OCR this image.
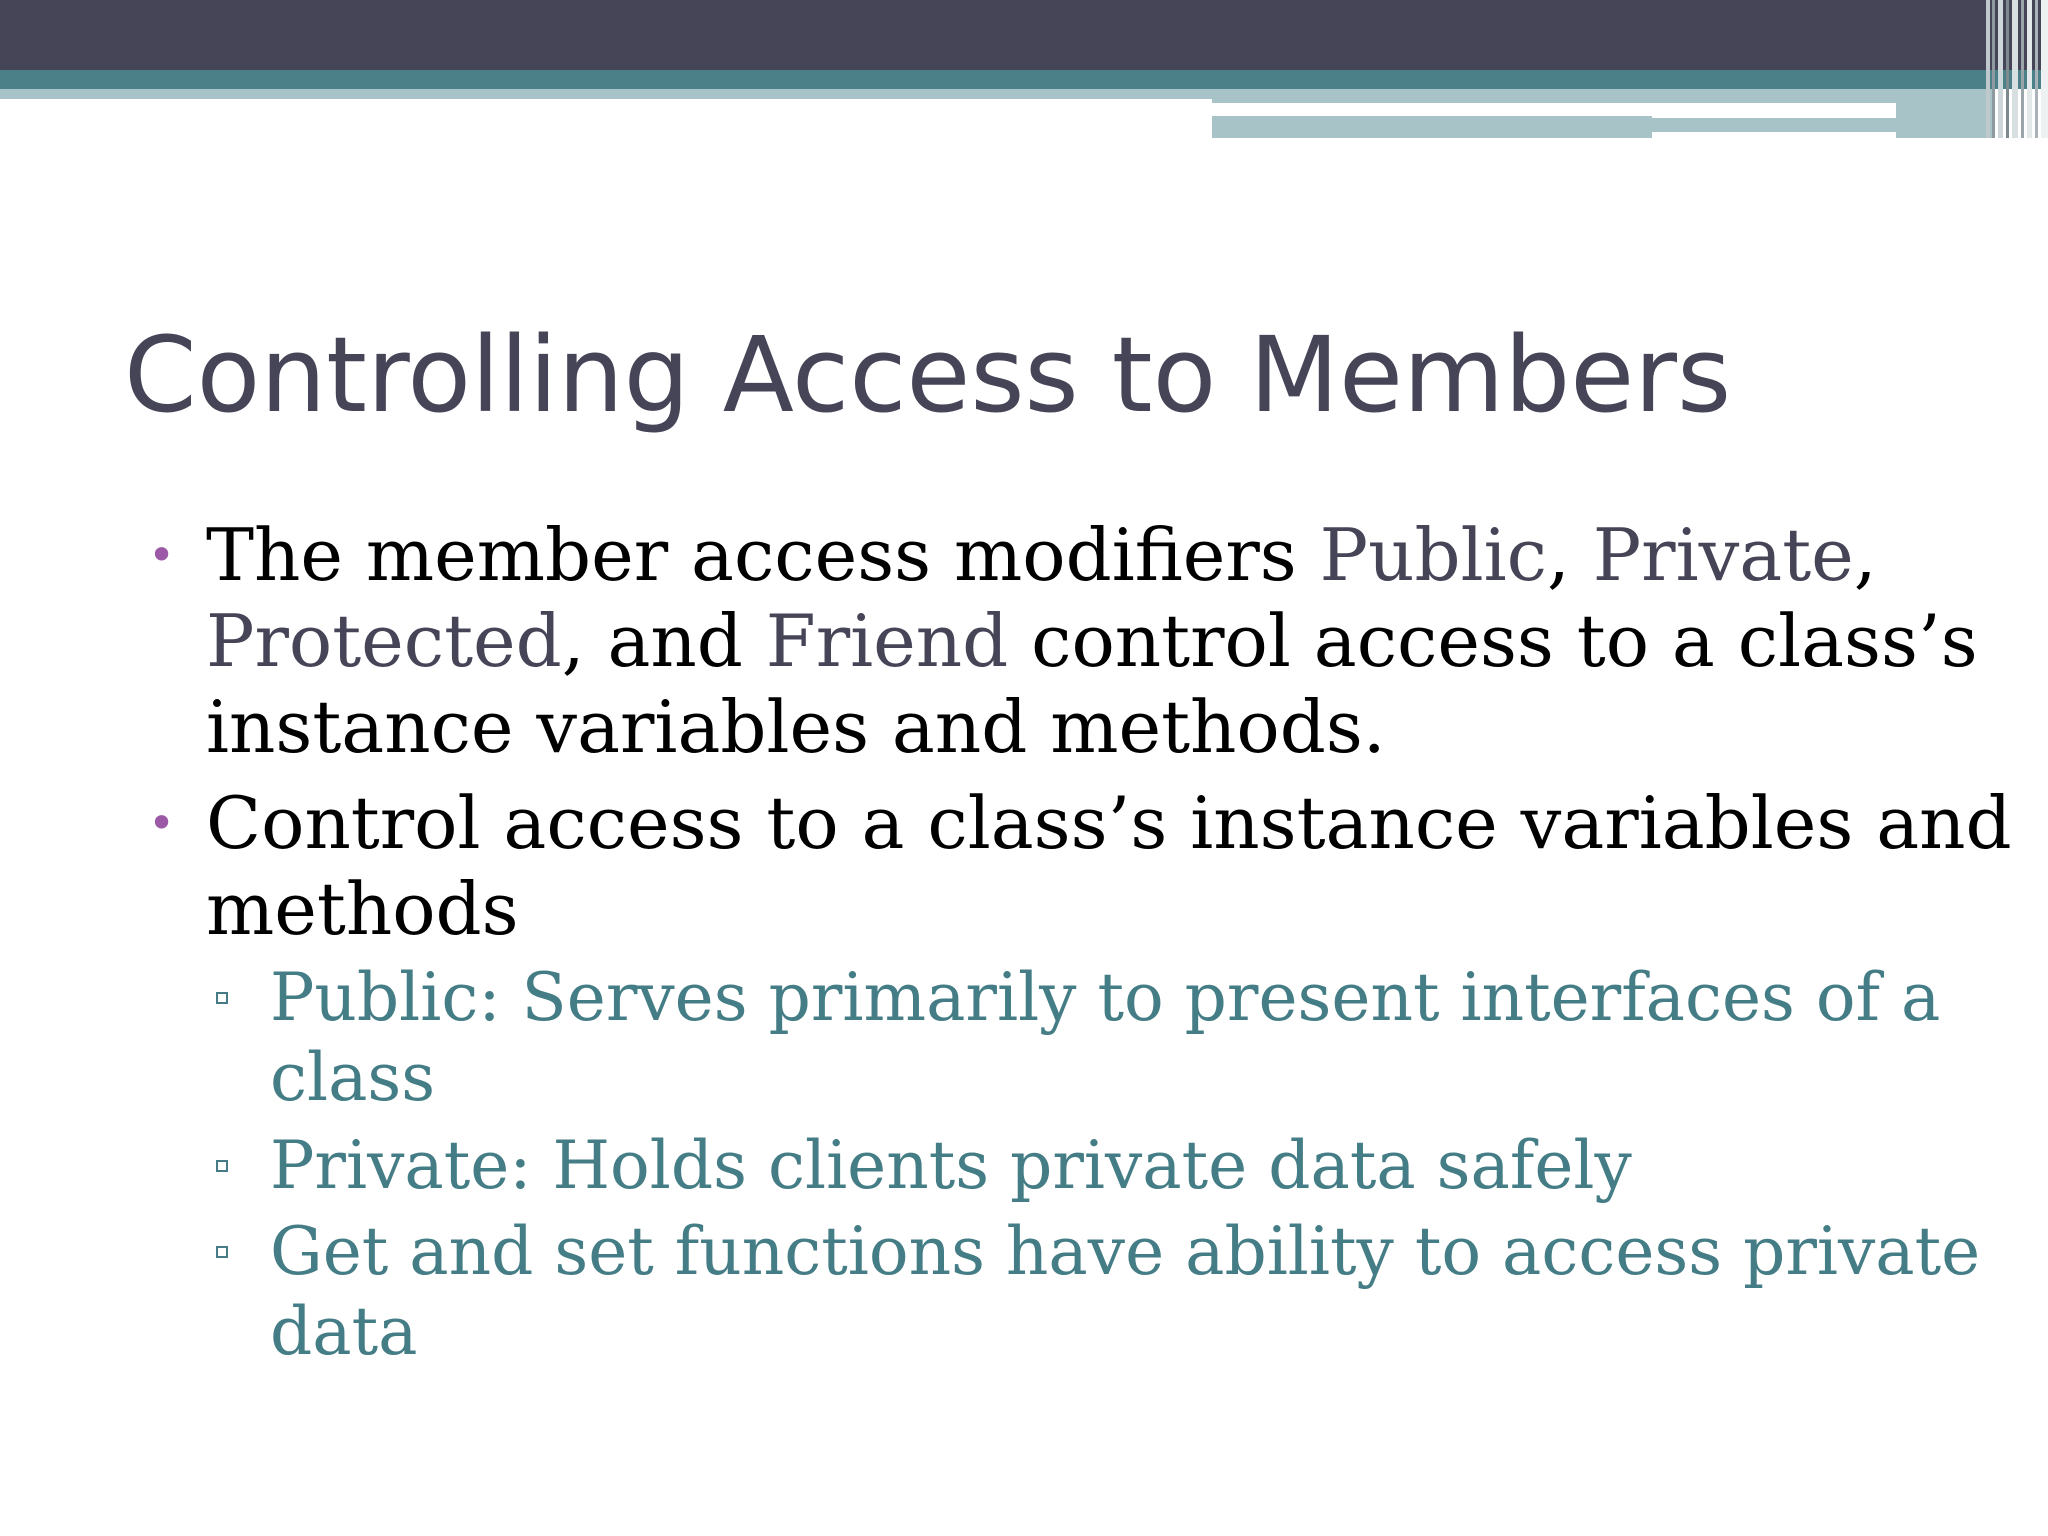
Controlling Access to Members
• The member access modifiers Public, Private,
Protected, and Friend control access to a class’s
instance variables and methods.
• Control access to a class’s instance variables and
methods
Public: Serves primarily to present interfaces of a
class
Private: Holds clients private data safely
Get and set functions have ability to access private
data
